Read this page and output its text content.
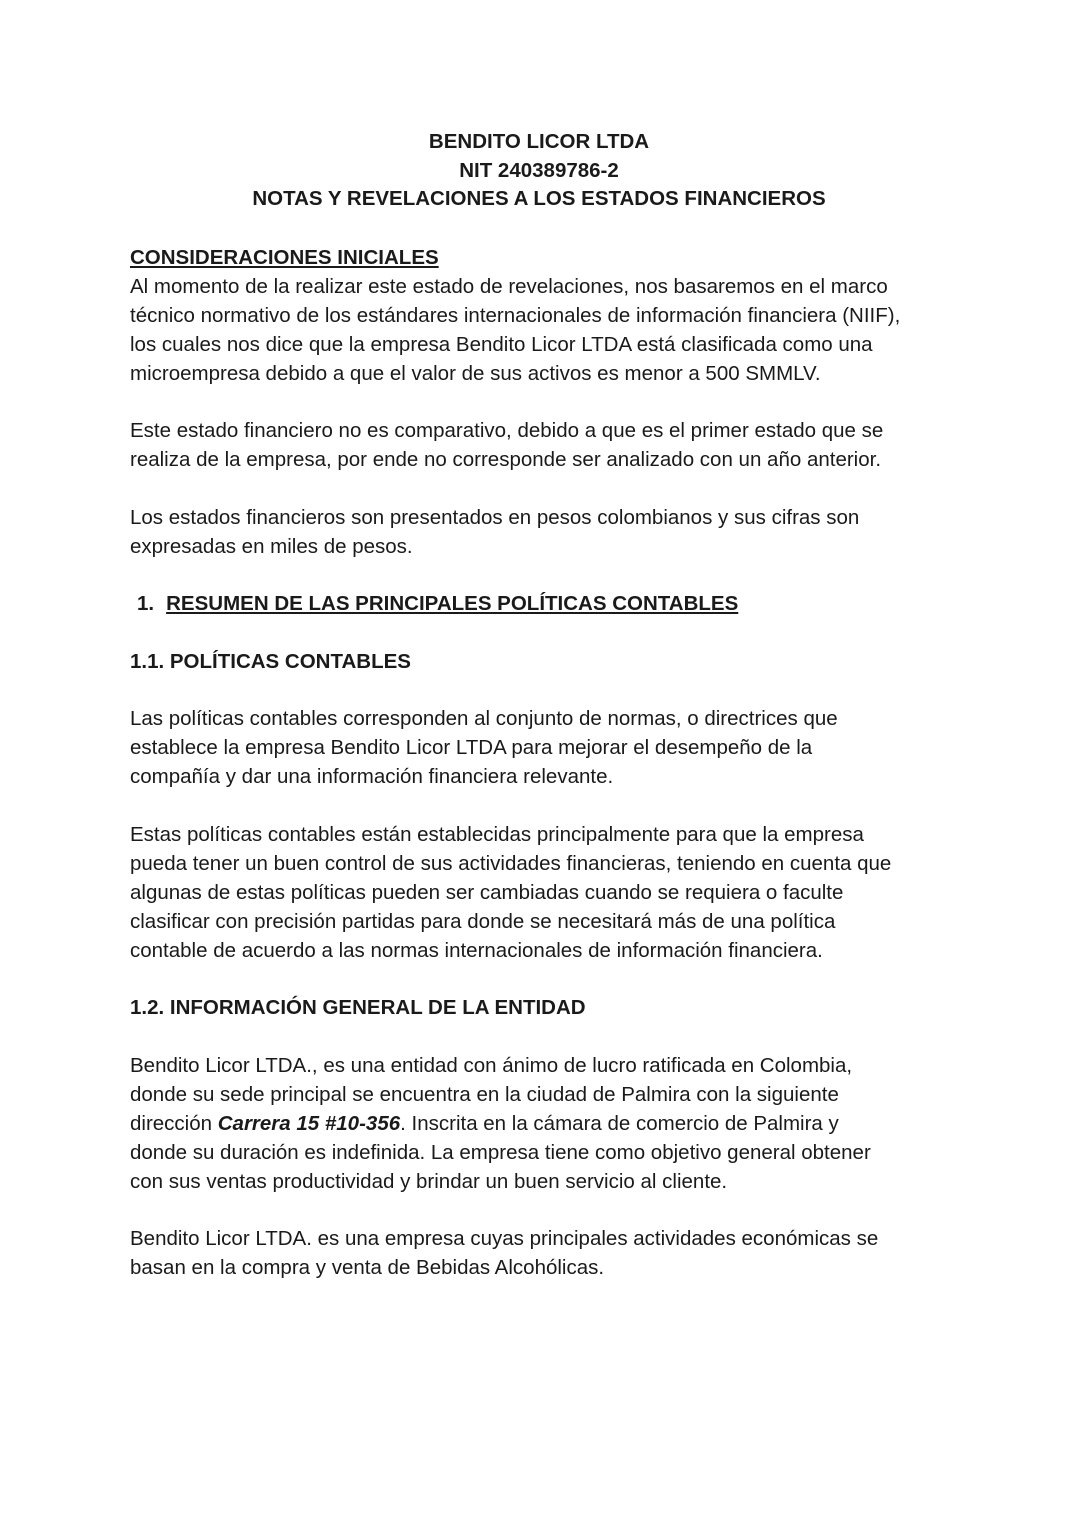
BENDITO LICOR LTDA
NIT 240389786-2
NOTAS Y REVELACIONES A LOS ESTADOS FINANCIEROS
CONSIDERACIONES INICIALES

Al momento de la realizar este estado de revelaciones, nos basaremos en el marco
técnico normativo de los estándares internacionales de información financiera (NIIF),
los cuales nos dice que la empresa Bendito Licor LTDA está clasificada como una
microempresa debido a que el valor de sus activos es menor a 500 SMMLV.

Este estado financiero no es comparativo, debido a que es el primer estado que se
realiza de la empresa, por ende no corresponde ser analizado con un año anterior.

Los estados financieros son presentados en pesos colombianos y sus cifras son
expresadas en miles de pesos.

1. RESUMEN DE LAS PRINCIPALES POLÍTICAS CONTABLES
1.1. POLÍTICAS CONTABLES

Las políticas contables corresponden al conjunto de normas, o directrices que
establece la empresa Bendito Licor LTDA para mejorar el desempeño de la
compañía y dar una información financiera relevante.

Estas políticas contables están establecidas principalmente para que la empresa
pueda tener un buen control de sus actividades financieras, teniendo en cuenta que
algunas de estas políticas pueden ser cambiadas cuando se requiera o faculte
clasificar con precisión partidas para donde se necesitará más de una política
contable de acuerdo a las normas internacionales de información financiera.

1.2. INFORMACIÓN GENERAL DE LA ENTIDAD

Bendito Licor LTDA., es una entidad con ánimo de lucro ratificada en Colombia,
donde su sede principal se encuentra en la ciudad de Palmira con la siguiente
dirección Carrera 15 #10-356. Inscrita en la cámara de comercio de Palmira y
donde su duración es indefinida. La empresa tiene como objetivo general obtener
con sus ventas productividad y brindar un buen servicio al cliente.

Bendito Licor LTDA. es una empresa cuyas principales actividades económicas se
basan en la compra y venta de Bebidas Alcohólicas.
